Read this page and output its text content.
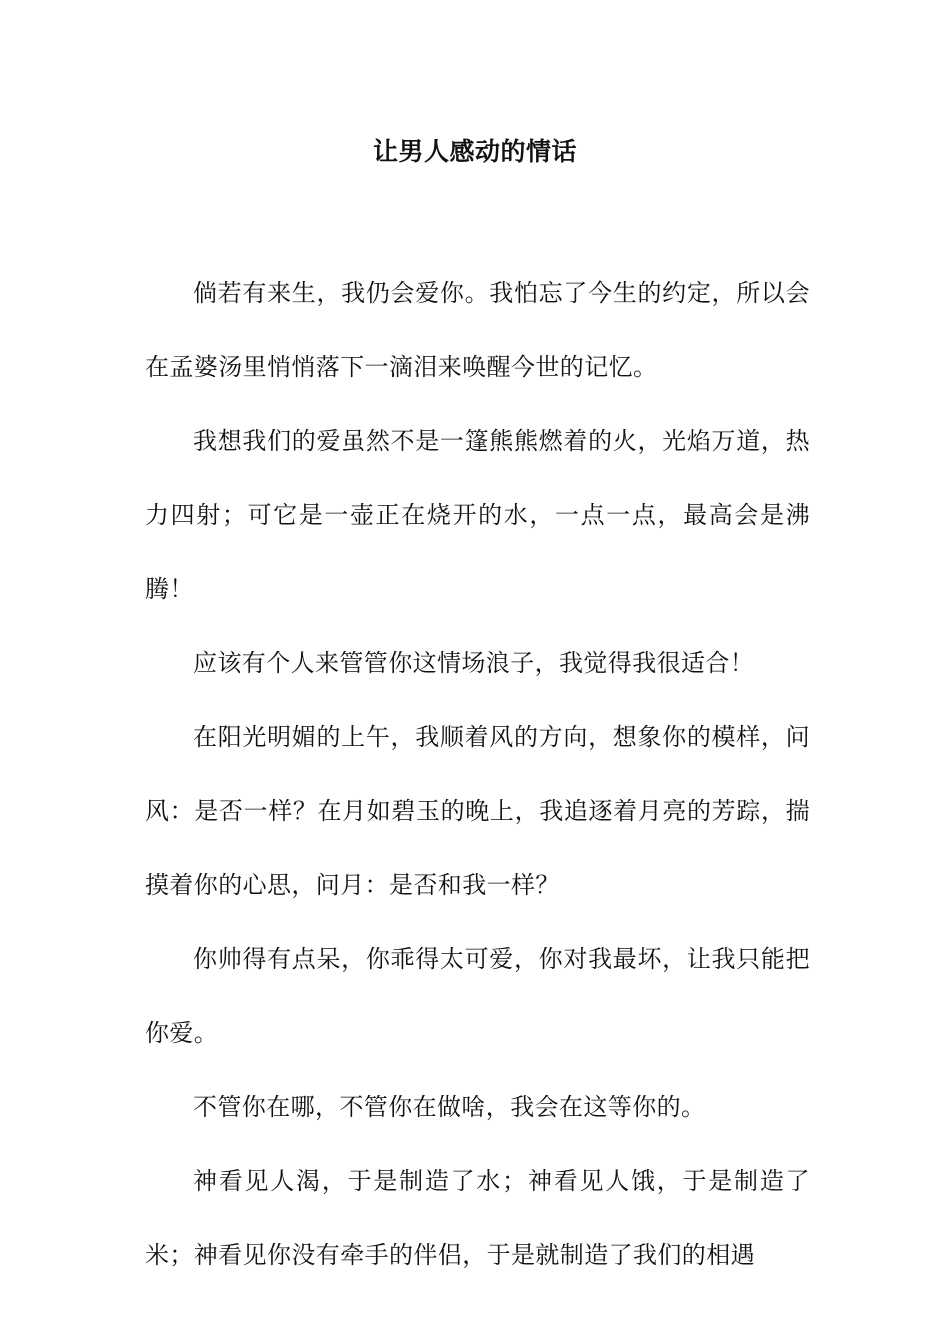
让男人感动的情话

倘若有来生，我仍会爱你。我怕忘了今生的约定，所以会在孟婆汤里悄悄落下一滴泪来唤醒今世的记忆。

我想我们的爱虽然不是一篷熊熊燃着的火，光焰万道，热力四射；可它是一壶正在烧开的水，一点一点，最高会是沸腾！

应该有个人来管管你这情场浪子，我觉得我很适合！

在阳光明媚的上午，我顺着风的方向，想象你的模样，问风：是否一样？在月如碧玉的晚上，我追逐着月亮的芳踪，揣摸着你的心思，问月：是否和我一样？

你帅得有点呆，你乖得太可爱，你对我最坏，让我只能把你爱。

不管你在哪，不管你在做啥，我会在这等你的。

神看见人渴，于是制造了水；神看见人饿，于是制造了米；神看见你没有牵手的伴侣，于是就制造了我们的相遇
